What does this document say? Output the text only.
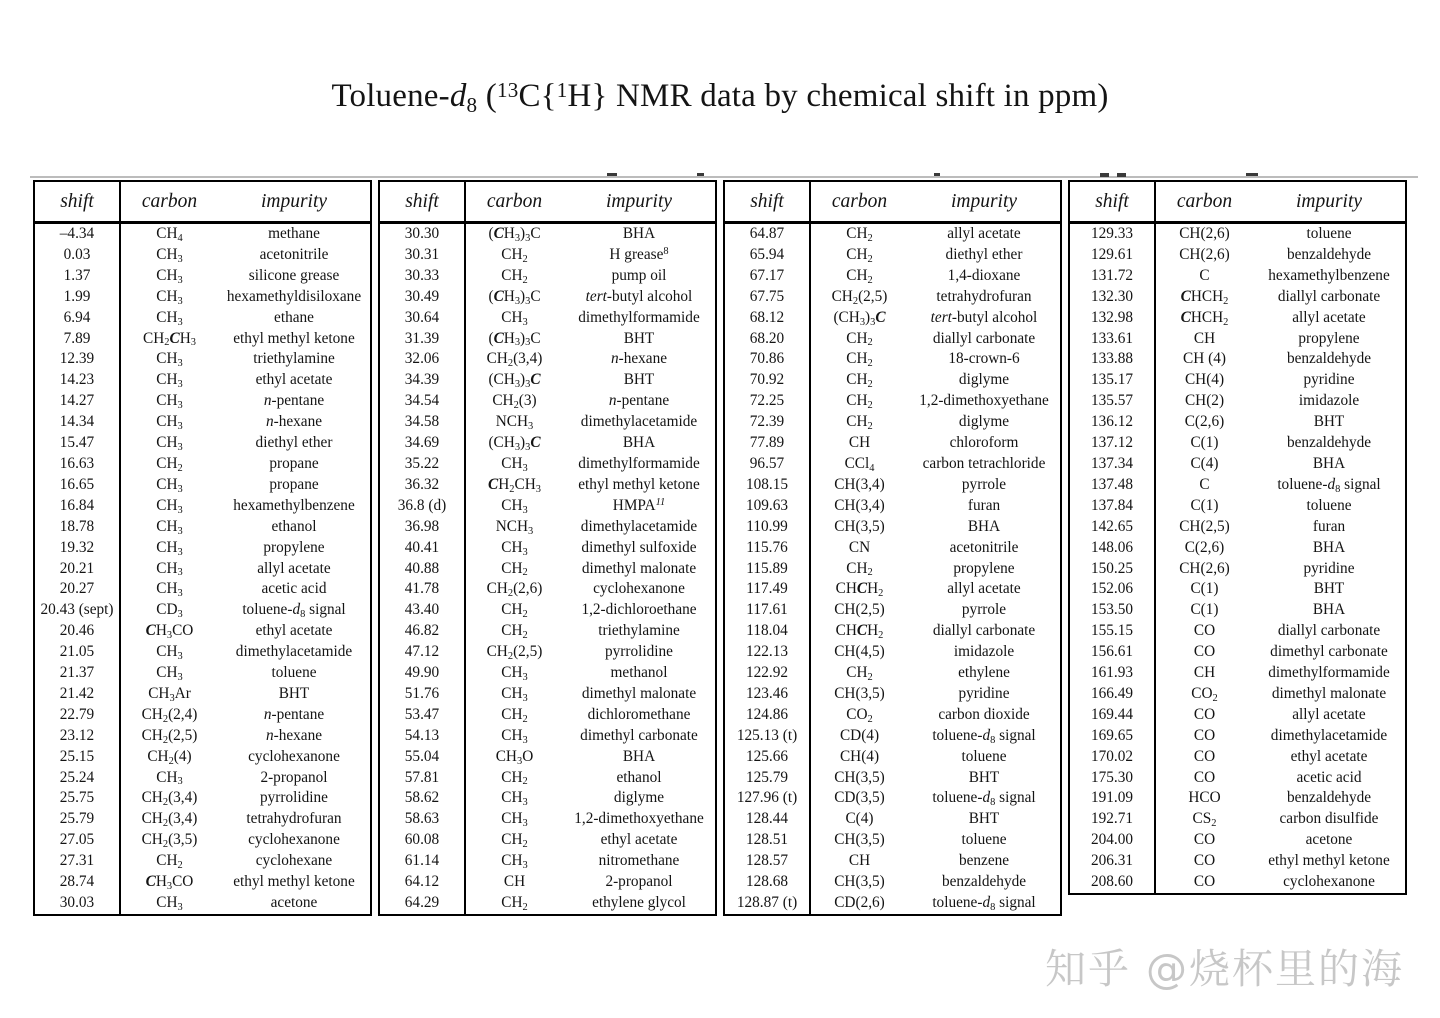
Toluene-$d_8$ ($^{13}$C{$^1$H} NMR data by chemical shift in ppm)
shift	carbon	impurity
–4.34	$CH_4$	methane
0.03	$CH_3$	acetonitrile
1.37	$CH_3$	silicone grease
1.99	$CH_3$	hexamethyldisiloxane
6.94	$CH_3$	ethane
7.89	$CH_2CH_3$	ethyl methyl ketone
12.39	$CH_3$	triethylamine
14.23	$CH_3$	ethyl acetate
14.27	$CH_3$	n-pentane
14.34	$CH_3$	n-hexane
15.47	$CH_3$	diethyl ether
16.63	$CH_2$	propane
16.65	$CH_3$	propane
16.84	$CH_3$	hexamethylbenzene
18.78	$CH_3$	ethanol
19.32	$CH_3$	propylene
20.21	$CH_3$	allyl acetate
20.27	$CH_3$	acetic acid
20.43 (sept)	$CD_3$	toluene-$d_8$ signal
20.46	$CH_3CO$	ethyl acetate
21.05	$CH_3$	dimethylacetamide
21.37	$CH_3$	toluene
21.42	$CH_3Ar$	BHT
22.79	$CH_2(2,4)$	n-pentane
23.12	$CH_2(2,5)$	n-hexane
25.15	$CH_2(4)$	cyclohexanone
25.24	$CH_3$	2-propanol
25.75	$CH_2(3,4)$	pyrrolidine
25.79	$CH_2(3,4)$	tetrahydrofuran
27.05	$CH_2(3,5)$	cyclohexanone
27.31	$CH_2$	cyclohexane
28.74	$CH_3CO$	ethyl methyl ketone
30.03	$CH_3$	acetone
shift	carbon	impurity
30.30	$(CH_3)_3C$	BHA
30.31	$CH_2$	H grease$^8$
30.33	$CH_2$	pump oil
30.49	$(CH_3)_3C$	tert-butyl alcohol
30.64	$CH_3$	dimethylformamide
31.39	$(CH_3)_3C$	BHT
32.06	$CH_2(3,4)$	n-hexane
34.39	$(CH_3)_3C$	BHT
34.54	$CH_2(3)$	n-pentane
34.58	$NCH_3$	dimethylacetamide
34.69	$(CH_3)_3C$	BHA
35.22	$CH_3$	dimethylformamide
36.32	$CH_2CH_3$	ethyl methyl ketone
36.8 (d)	$CH_3$	HMPA$^{11}$
36.98	$NCH_3$	dimethylacetamide
40.41	$CH_3$	dimethyl sulfoxide
40.88	$CH_2$	dimethyl malonate
41.78	$CH_2(2,6)$	cyclohexanone
43.40	$CH_2$	1,2-dichloroethane
46.82	$CH_2$	triethylamine
47.12	$CH_2(2,5)$	pyrrolidine
49.90	$CH_3$	methanol
51.76	$CH_3$	dimethyl malonate
53.47	$CH_2$	dichloromethane
54.13	$CH_3$	dimethyl carbonate
55.04	$CH_3O$	BHA
57.81	$CH_2$	ethanol
58.62	$CH_3$	diglyme
58.63	$CH_3$	1,2-dimethoxyethane
60.08	$CH_2$	ethyl acetate
61.14	$CH_3$	nitromethane
64.12	CH	2-propanol
64.29	$CH_2$	ethylene glycol
shift	carbon	impurity
64.87	$CH_2$	allyl acetate
65.94	$CH_2$	diethyl ether
67.17	$CH_2$	1,4-dioxane
67.75	$CH_2(2,5)$	tetrahydrofuran
68.12	$(CH_3)_3C$	tert-butyl alcohol
68.20	$CH_2$	diallyl carbonate
70.86	$CH_2$	18-crown-6
70.92	$CH_2$	diglyme
72.25	$CH_2$	1,2-dimethoxyethane
72.39	$CH_2$	diglyme
77.89	CH	chloroform
96.57	CCl$_4$	carbon tetrachloride
108.15	CH(3,4)	pyrrole
109.63	CH(3,4)	furan
110.99	CH(3,5)	BHA
115.76	CN	acetonitrile
115.89	$CH_2$	propylene
117.49	$CHCH_2$	allyl acetate
117.61	CH(2,5)	pyrrole
118.04	$CHCH_2$	diallyl carbonate
122.13	CH(4,5)	imidazole
122.92	$CH_2$	ethylene
123.46	CH(3,5)	pyridine
124.86	$CO_2$	carbon dioxide
125.13 (t)	CD(4)	toluene-$d_8$ signal
125.66	CH(4)	toluene
125.79	CH(3,5)	BHT
127.96 (t)	CD(3,5)	toluene-$d_8$ signal
128.44	C(4)	BHT
128.51	CH(3,5)	toluene
128.57	CH	benzene
128.68	CH(3,5)	benzaldehyde
128.87 (t)	CD(2,6)	toluene-$d_8$ signal
shift	carbon	impurity
129.33	CH(2,6)	toluene
129.61	CH(2,6)	benzaldehyde
131.72	C	hexamethylbenzene
132.30	$CHCH_2$	diallyl carbonate
132.98	$CHCH_2$	allyl acetate
133.61	CH	propylene
133.88	CH (4)	benzaldehyde
135.17	CH(4)	pyridine
135.57	CH(2)	imidazole
136.12	C(2,6)	BHT
137.12	C(1)	benzaldehyde
137.34	C(4)	BHA
137.48	C	toluene-$d_8$ signal
137.84	C(1)	toluene
142.65	CH(2,5)	furan
148.06	C(2,6)	BHA
150.25	CH(2,6)	pyridine
152.06	C(1)	BHT
153.50	C(1)	BHA
155.15	CO	diallyl carbonate
156.61	CO	dimethyl carbonate
161.93	CH	dimethylformamide
166.49	$CO_2$	dimethyl malonate
169.44	CO	allyl acetate
169.65	CO	dimethylacetamide
170.02	CO	ethyl acetate
175.30	CO	acetic acid
191.09	HCO	benzaldehyde
192.71	$CS_2$	carbon disulfide
204.00	CO	acetone
206.31	CO	ethyl methyl ketone
208.60	CO	cyclohexanone
知乎 @烧杯里的海
